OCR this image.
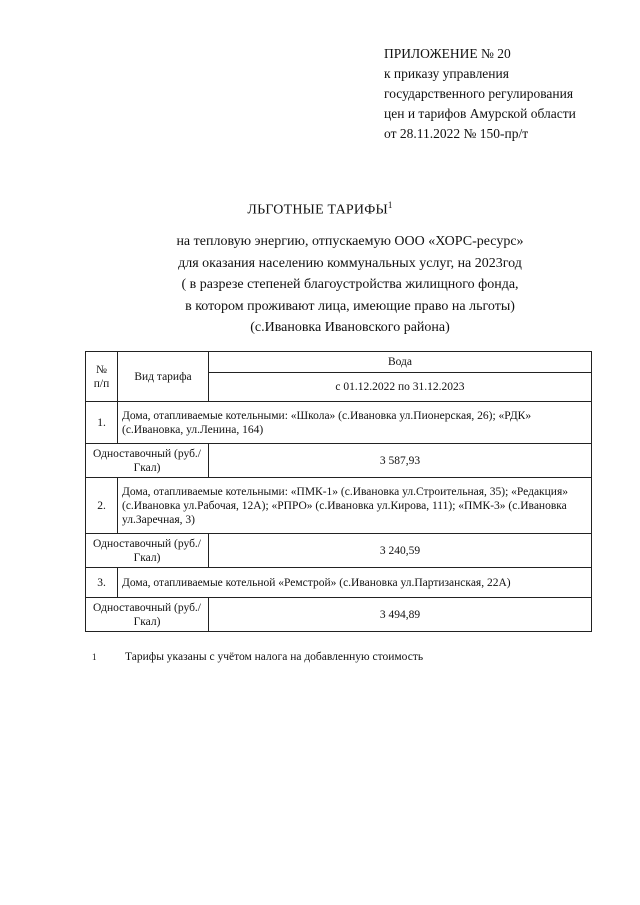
ПРИЛОЖЕНИЕ № 20
к приказу управления
государственного регулирования
цен и тарифов Амурской области
от 28.11.2022 № 150-пр/т
ЛЬГОТНЫЕ ТАРИФЫ$^1$
на тепловую энергию, отпускаемую ООО «ХОРС-ресурс»
для оказания населению коммунальных услуг, на 2023год
( в разрезе степеней благоустройства жилищного фонда,
в котором проживают лица, имеющие право на льготы)
(с.Ивановка Ивановского района)
№ п/п	Вид тарифа	Вода
		с 01.12.2022 по 31.12.2023
1.	Дома, отапливаемые котельными: «Школа» (с.Ивановка ул.Пионерская, 26); «РДК» (с.Ивановка, ул.Ленина, 164)	
Одноставочный (руб./Гкал)		3 587,93
2.	Дома, отапливаемые котельными: «ПМК-1» (с.Ивановка ул.Строительная, 35); «Редакция» (с.Ивановка ул.Рабочая, 12А); «РПРО» (с.Ивановка ул.Кирова, 111); «ПМК-3» (с.Ивановка ул.Заречная, 3)	
Одноставочный (руб./Гкал)		3 240,59
3.	Дома, отапливаемые котельной «Ремстрой» (с.Ивановка ул.Партизанская, 22А)	
Одноставочный (руб./Гкал)		3 494,89
1 Тарифы указаны с учётом налога на добавленную стоимость
